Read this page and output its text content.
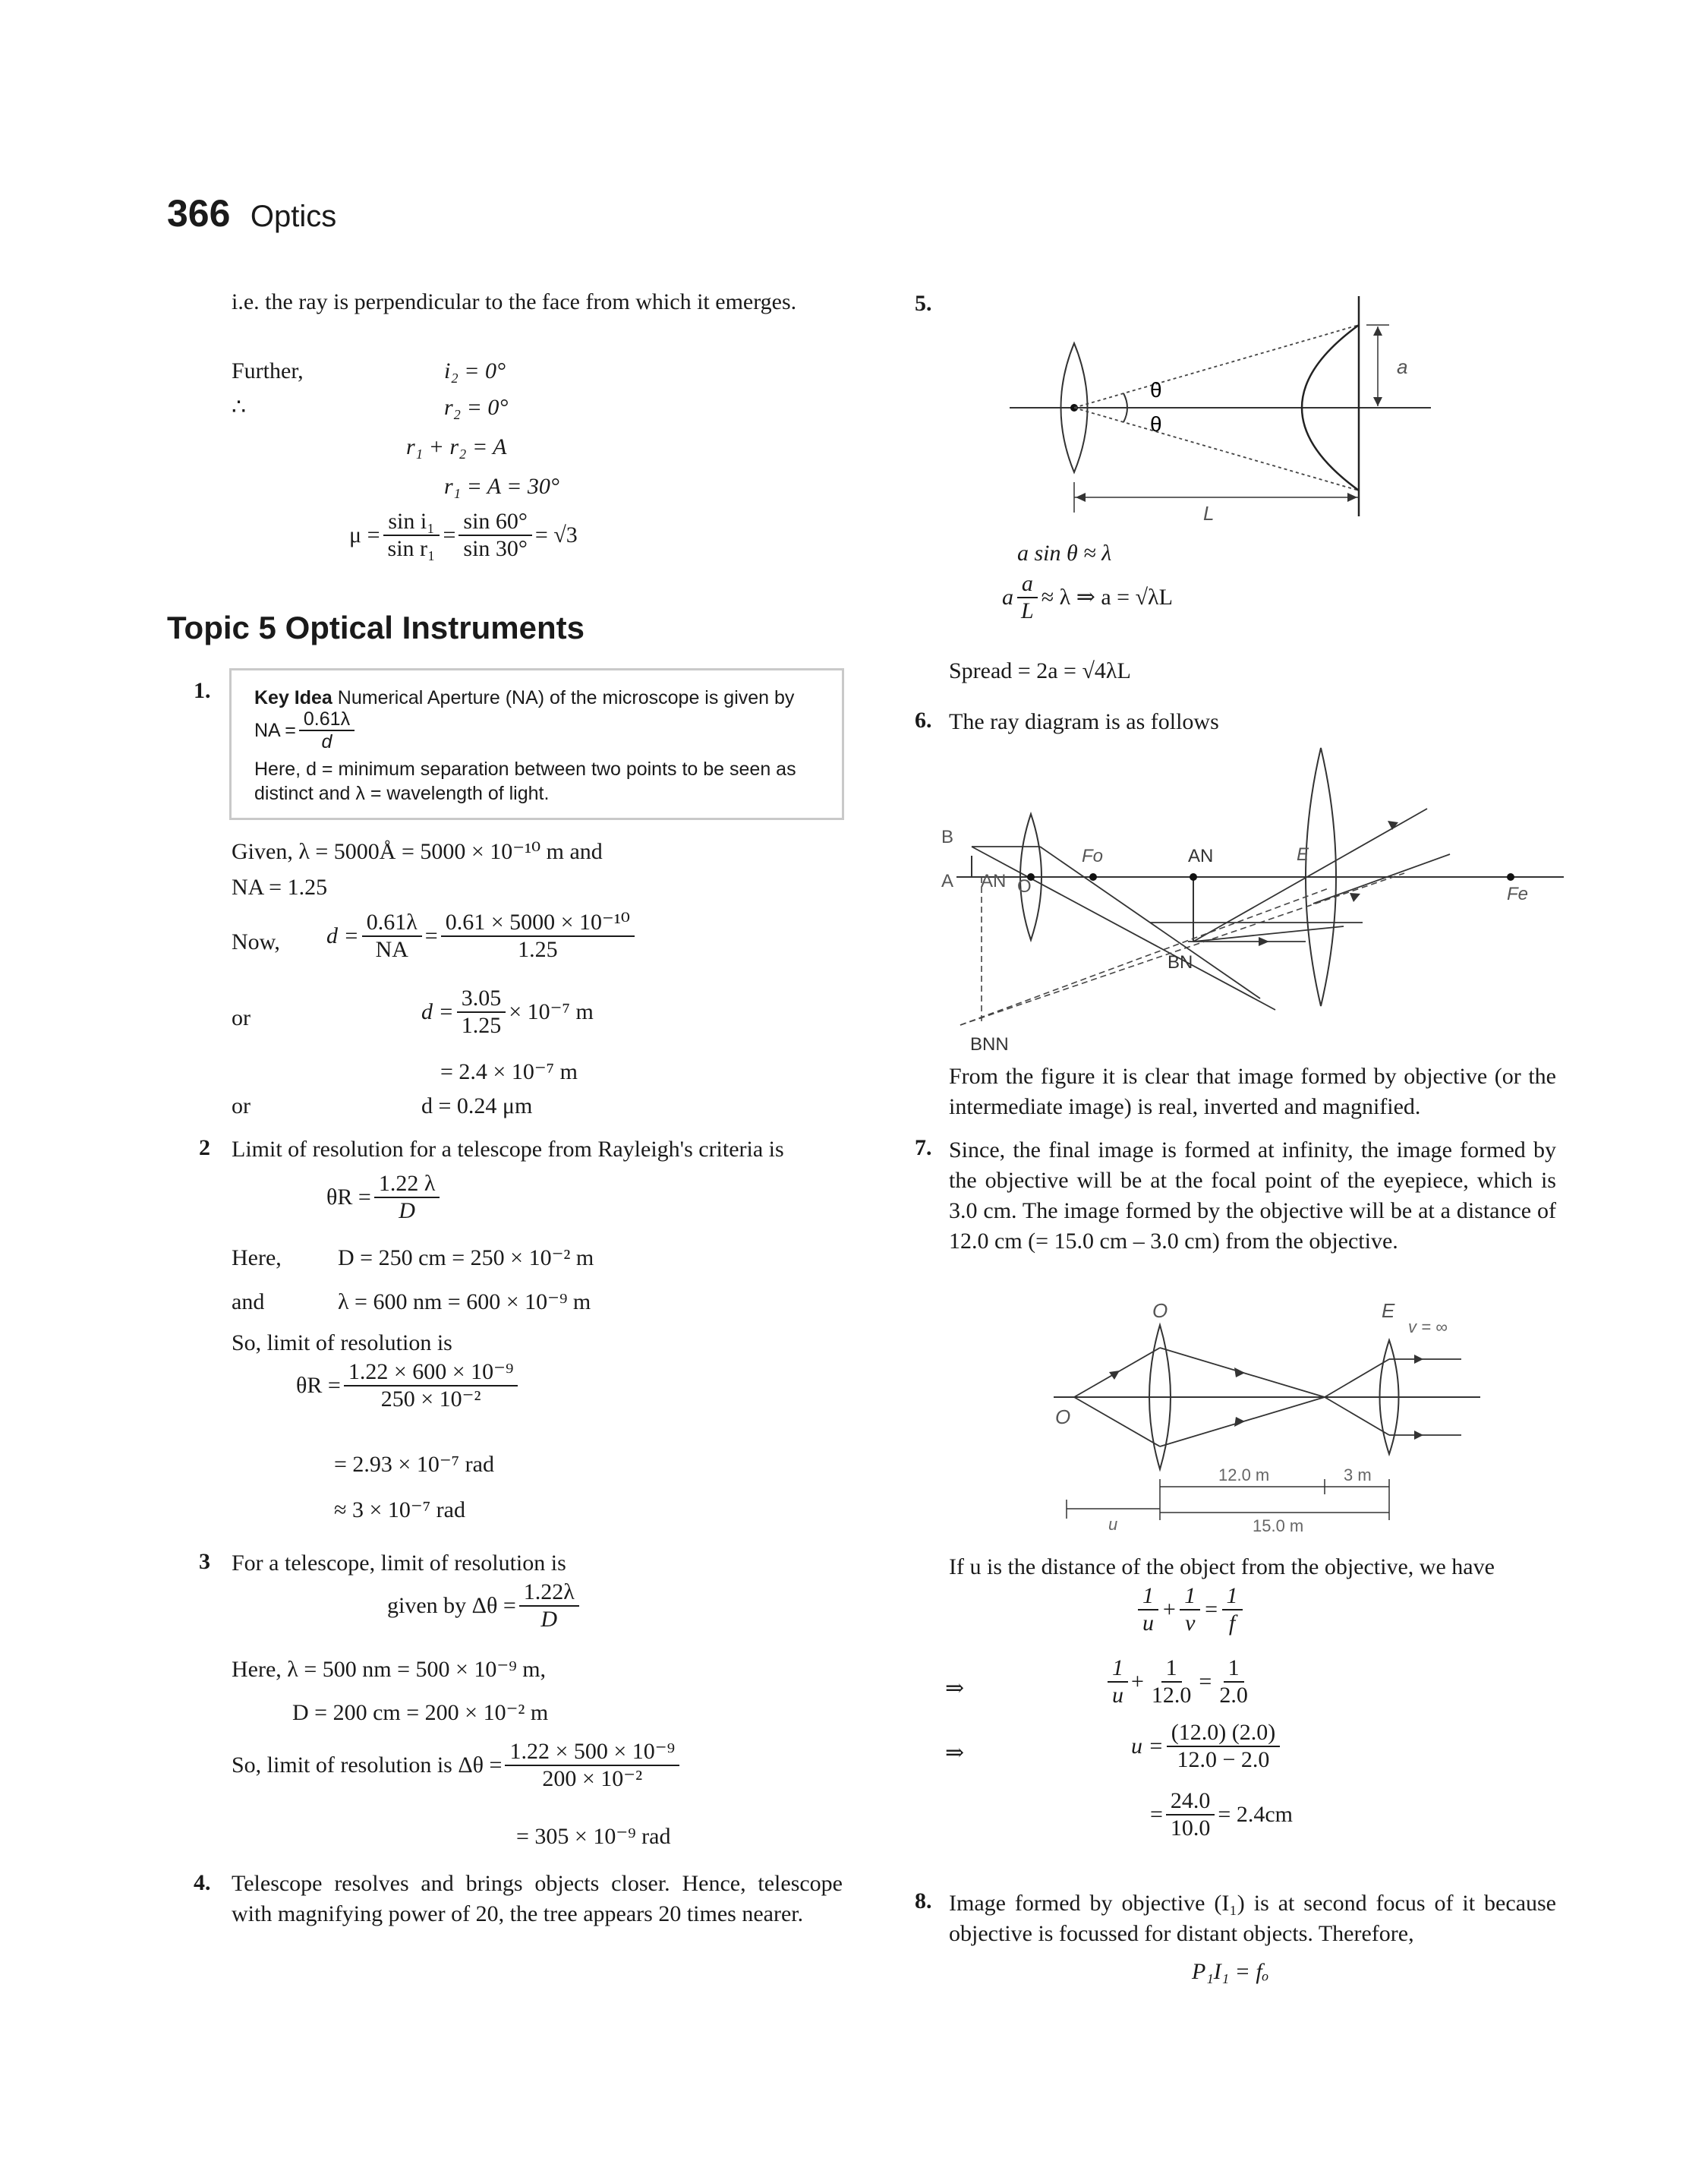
366 Optics
i.e. the ray is perpendicular to the face from which it emerges.
Further,	i₂ = 0°
∴	r₂ = 0°
r₁ + r₂ = A
r₁ = A = 30°
$\mu = \frac{\text{sin i₁}}{\text{sin r₁}} = \frac{\sin 60^\circ}{\sin 30^\circ} = √3$
Topic 5 Optical Instruments
1. Key Idea Numerical Aperture (NA) of the microscope is given by
NA = $\frac{0.61\lambda}{d}$
Here, d = minimum separation between two points to be seen as
distinct and λ = wavelength of light.
Given, λ = 5000Å = 5000 × 10⁻¹⁰ m and
NA = 1.25
Now, $d = \frac{0.61\lambda}{NA} = \frac{\text{0.61 × 5000 × 10⁻¹⁰}}{1.25}$
or	$d = \frac{3.05}{1.25} \times 10^{-7}$ m
= 2.4 × 10⁻⁷ m
or	d = 0.24 μm
2 Limit of resolution for a telescope from Rayleigh's criteria is
$\theta R = \frac{1.22 \lambda}{D}$
Here, D = 250 cm = 250 × 10⁻² m
and	λ = 600 nm = 600 × 10⁻⁹ m
So, limit of resolution is
$\theta R = \frac{\text{1.22 × 600 × 10⁻⁹}}{\text{250 × 10⁻²}}$
= 2.93 × 10⁻⁷ rad
≈ 3 × 10⁻⁷ rad
3 For a telescope, limit of resolution is
given by $\Delta\theta = \frac{1.22\lambda}{D}$
Here, λ = 500 nm = 500 × 10⁻⁹ m,
D = 200 cm = 200 × 10⁻² m
So, limit of resolution is $\Delta\theta = \frac{\text{1.22 × 500 × 10⁻⁹}}{\text{200 × 10⁻²}}$
= 305 × 10⁻⁹ rad
4. Telescope resolves and brings objects closer. Hence, telescope with magnifying power of 20, the tree appears 20 times nearer.
5.
θ
θ
a
L
a sin θ ≈ λ
a $\frac{a}{L} \approx \lambda$ ⇒ a = √λL
Spread = 2a = √4λL
6. The ray diagram is as follows
B
A AN O
Fo	AN	E
Fe
BN
BNN
From the figure it is clear that image formed by objective (or the intermediate image) is real, inverted and magnified.
7. Since, the final image is formed at infinity, the image formed by the objective will be at the focal point of the eyepiece, which is 3.0 cm. The image formed by the objective will be at a distance of 12.0 cm (= 15.0 cm – 3.0 cm) from the objective.
O	E
v = ∞
O
12.0 m	3 m
u	15.0 m
If u is the distance of the object from the objective, we have
$\frac{1}{u} + \frac{1}{v} = \frac{1}{f}$
⇒	$\frac{1}{u} + \frac{1}{12.0} = \frac{1}{2.0}$
⇒	$u = \frac{(12.0) (2.0)}{12.0 - 2.0}$
= $\frac{24.0}{10.0} = 2.4cm$
8. Image formed by objective (I₁) is at second focus of it because objective is focussed for distant objects. Therefore,
P₁I₁ = fₒ
